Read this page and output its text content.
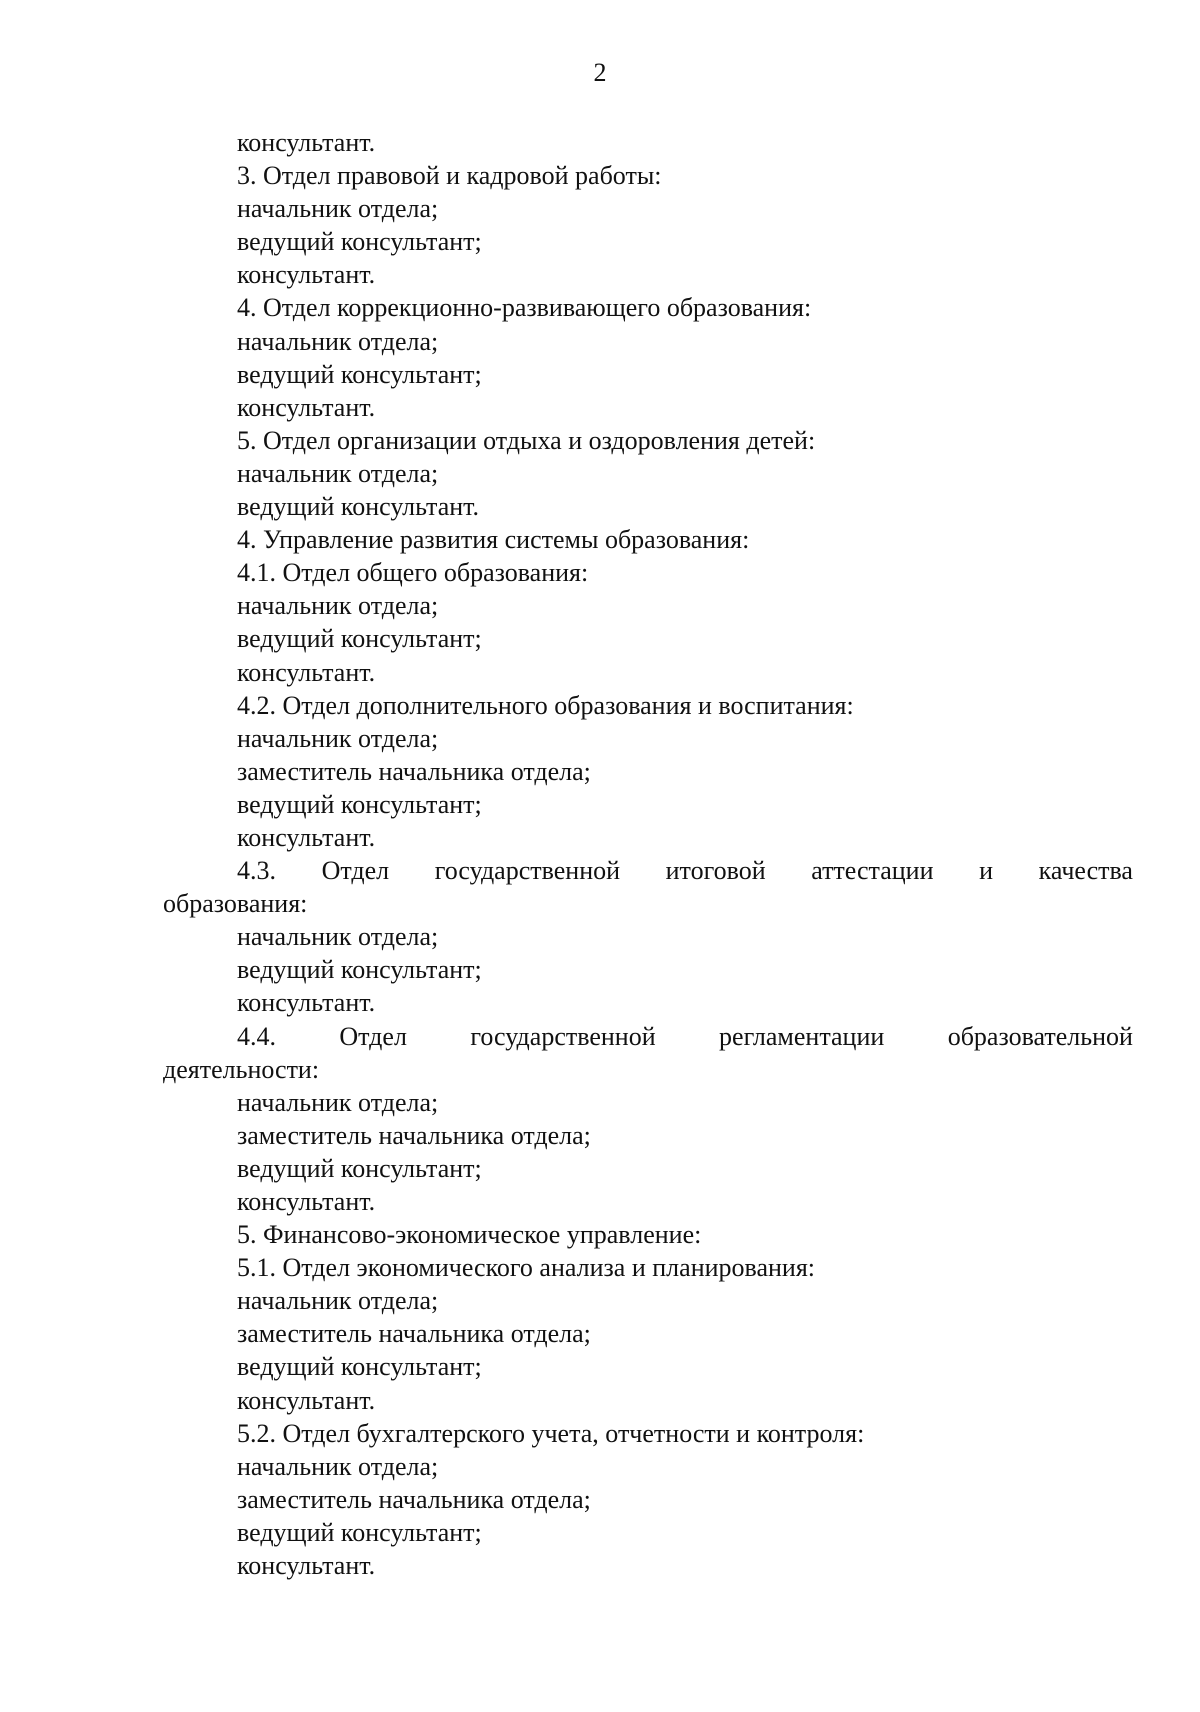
2
консультант.
3. Отдел правовой и кадровой работы:
начальник отдела;
ведущий консультант;
консультант.
4. Отдел коррекционно-развивающего образования:
начальник отдела;
ведущий консультант;
консультант.
5. Отдел организации отдыха и оздоровления детей:
начальник отдела;
ведущий консультант.
4. Управление развития системы образования:
4.1. Отдел общего образования:
начальник отдела;
ведущий консультант;
консультант.
4.2. Отдел дополнительного образования и воспитания:
начальник отдела;
заместитель начальника отдела;
ведущий консультант;
консультант.
4.3. Отдел государственной итоговой аттестации и качества
образования:
начальник отдела;
ведущий консультант;
консультант.
4.4. Отдел государственной регламентации образовательной
деятельности:
начальник отдела;
заместитель начальника отдела;
ведущий консультант;
консультант.
5. Финансово-экономическое управление:
5.1. Отдел экономического анализа и планирования:
начальник отдела;
заместитель начальника отдела;
ведущий консультант;
консультант.
5.2. Отдел бухгалтерского учета, отчетности и контроля:
начальник отдела;
заместитель начальника отдела;
ведущий консультант;
консультант.
